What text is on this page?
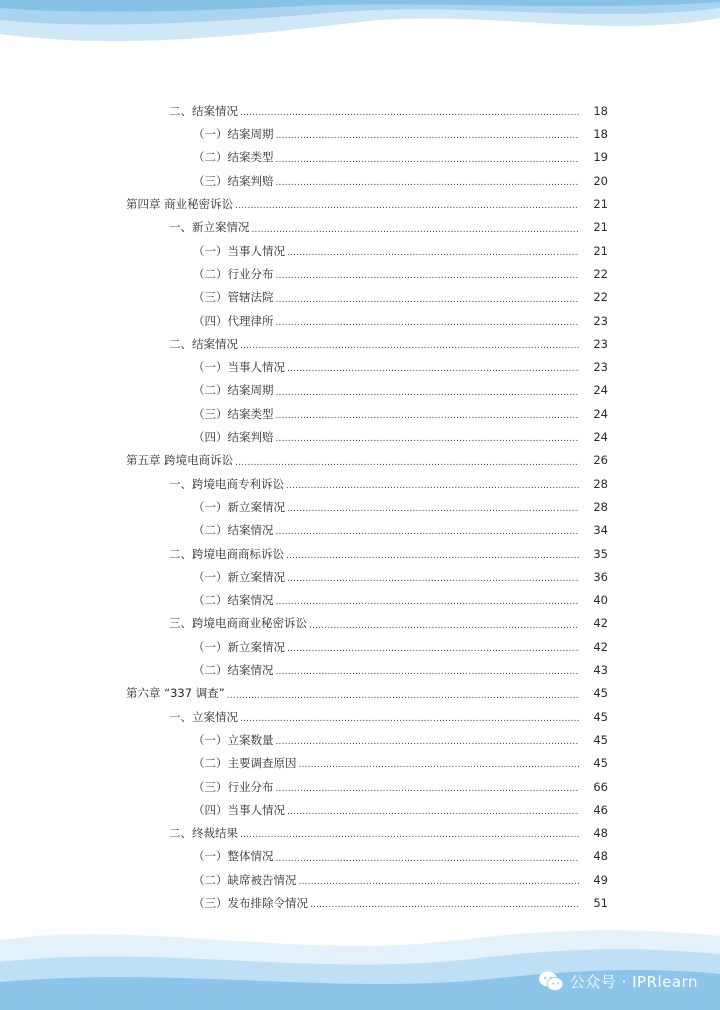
二、结案情况 .....	18
（一）结案周期 .....	18
（二）结案类型 .....	19
（三）结案判赔 .....	20
第四章 商业秘密诉讼 .....	21
一、新立案情况 .....	21
（一）当事人情况 .....	21
（二）行业分布 .....	22
（三）管辖法院 .....	22
（四）代理律所 .....	23
二、结案情况 .....	23
（一）当事人情况 .....	23
（二）结案周期 .....	24
（三）结案类型 .....	24
（四）结案判赔 .....	24
第五章 跨境电商诉讼 .....	26
一、跨境电商专利诉讼 .....	28
（一）新立案情况 .....	28
（二）结案情况 .....	34
二、跨境电商商标诉讼 .....	35
（一）新立案情况 .....	36
（二）结案情况 .....	40
三、跨境电商商业秘密诉讼 .....	42
（一）新立案情况 .....	42
（二）结案情况 .....	43
第六章 “337 调查” .....	45
一、立案情况 .....	45
（一）立案数量 .....	45
（二）主要调查原因 .....	45
（三）行业分布 .....	66
（四）当事人情况 .....	46
二、终裁结果 .....	48
（一）整体情况 .....	48
（二）缺席被告情况 .....	49
（三）发布排除令情况 .....	51
公众号 · IPRlearn
